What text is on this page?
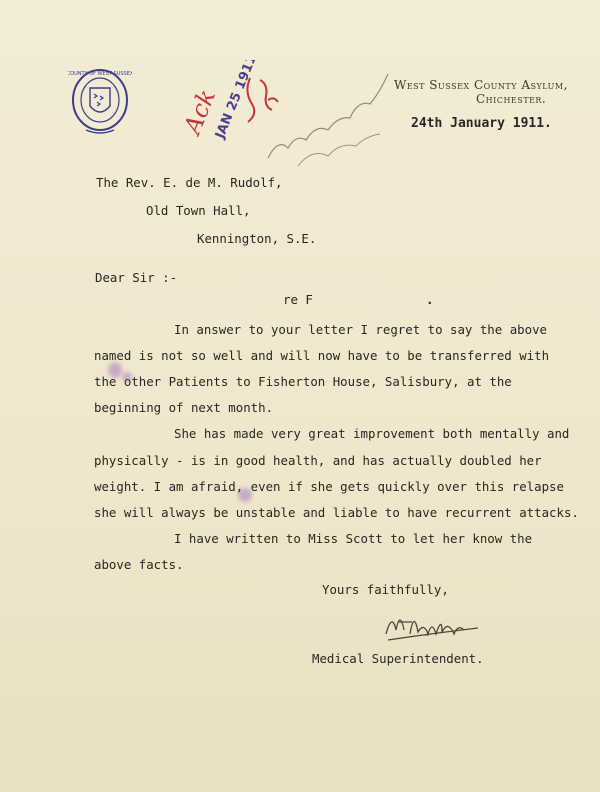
COUNTY OF WEST SUSSEX
Ack
JAN 25 1911	West Sussex County Asylum,
Chichester.
24th January 1911.
The Rev. E. de M. Rudolf,
Old Town Hall,
Kennington, S.E.
Dear Sir :-
re F	.
In answer to your letter I regret to say the above
named is not so well and will now have to be transferred with
the other Patients to Fisherton House, Salisbury, at the
beginning of next month.
She has made very great improvement both mentally and
physically - is in good health, and has actually doubled her
weight. I am afraid, even if she gets quickly over this relapse
she will always be unstable and liable to have recurrent attacks.
I have written to Miss Scott to let her know the
above facts.
Yours faithfully,
Medical Superintendent.
